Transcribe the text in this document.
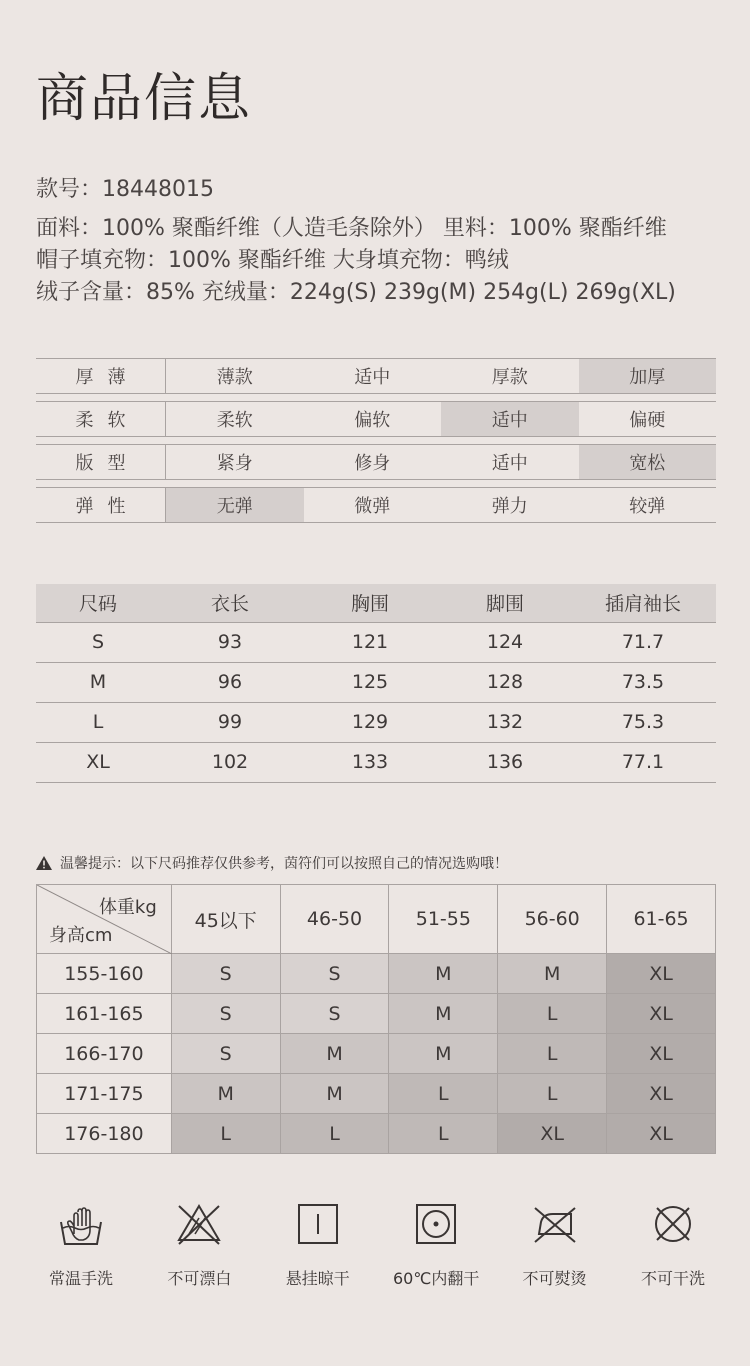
商品信息
款号：18448015
面料：100% 聚酯纤维（人造毛条除外） 里料：100% 聚酯纤维
帽子填充物：100% 聚酯纤维 大身填充物：鸭绒
绒子含量：85% 充绒量：224g(S) 239g(M) 254g(L) 269g(XL)
厚薄	薄款	适中	厚款	加厚
柔软	柔软	偏软	适中	偏硬
版型	紧身	修身	适中	宽松
弹性	无弹	微弹	弹力	较弹
尺码	衣长	胸围	脚围	插肩袖长
S	93	121	124	71.7
M	96	125	128	73.5
L	99	129	132	75.3
XL	102	133	136	77.1
温馨提示：以下尺码推荐仅供参考，茵符们可以按照自己的情况选购哦！
体重kg
身高cm	45以下	46-50	51-55	56-60	61-65
155-160	S	S	M	M	XL
161-165	S	S	M	L	XL
166-170	S	M	M	L	XL
171-175	M	M	L	L	XL
176-180	L	L	L	XL	XL
常温手洗	不可漂白	悬挂晾干	60℃内翻干	不可熨烫	不可干洗
